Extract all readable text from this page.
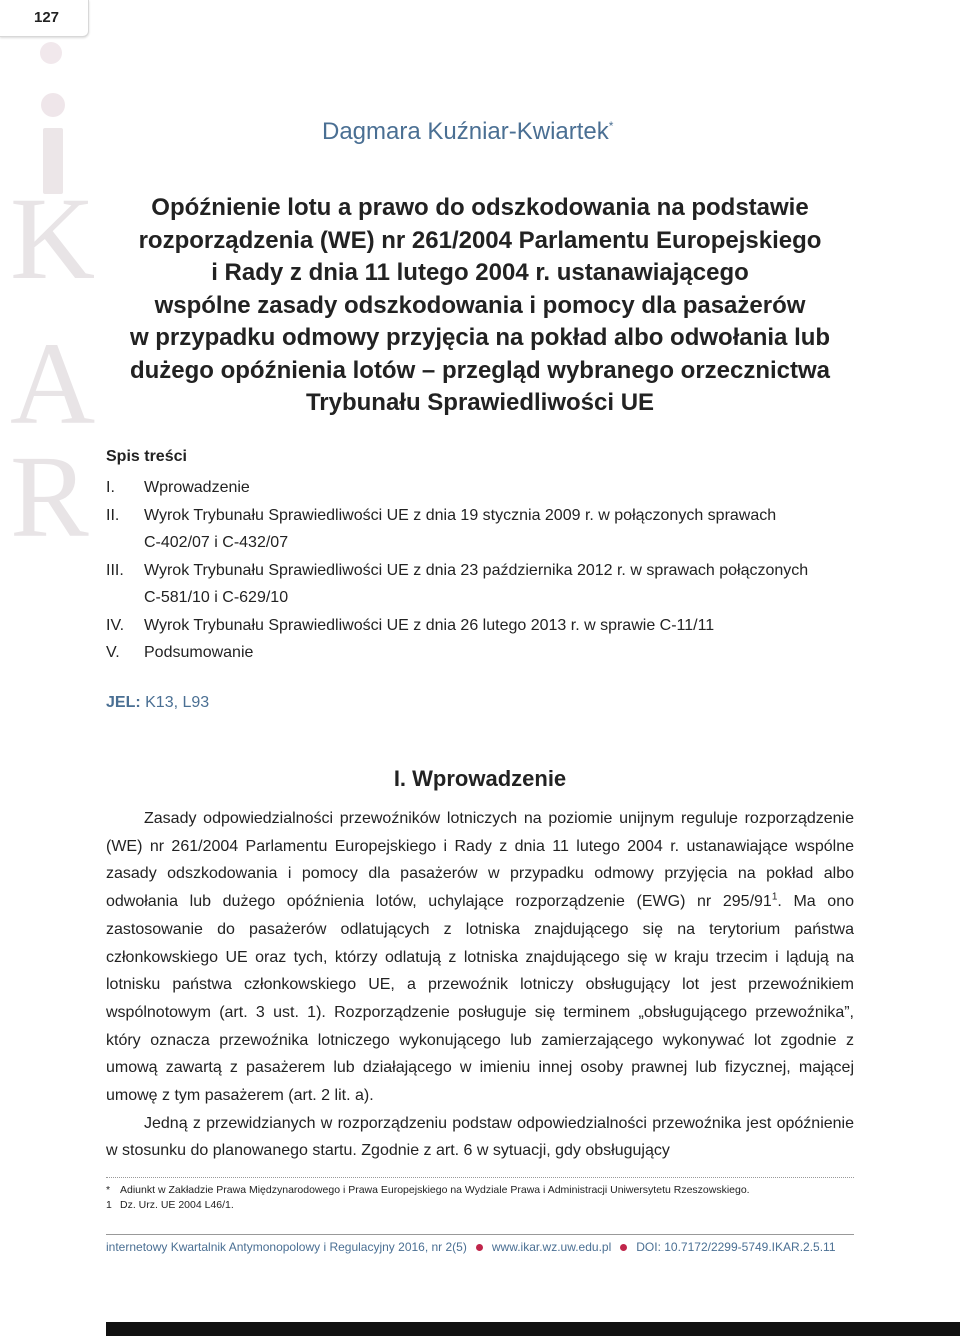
127
K
A
R
Dagmara Kuźniar-Kwiartek*
Opóźnienie lotu a prawo do odszkodowania na podstawie
rozporządzenia (WE) nr 261/2004 Parlamentu Europejskiego
i Rady z dnia 11 lutego 2004 r. ustanawiającego
wspólne zasady odszkodowania i pomocy dla pasażerów
w przypadku odmowy przyjęcia na pokład albo odwołania lub
dużego opóźnienia lotów – przegląd wybranego orzecznictwa
Trybunału Sprawiedliwości UE
Spis treści
I.	Wprowadzenie
II.	Wyrok Trybunału Sprawiedliwości UE z dnia 19 stycznia 2009 r. w połączonych sprawach
C-402/07 i C-432/07
III.	Wyrok Trybunału Sprawiedliwości UE z dnia 23 października 2012 r. w sprawach połączonych
C-581/10 i C-629/10
IV.	Wyrok Trybunału Sprawiedliwości UE z dnia 26 lutego 2013 r. w sprawie C-11/11
V.	Podsumowanie
JEL: K13, L93
I. Wprowadzenie

Zasady odpowiedzialności przewoźników lotniczych na poziomie unijnym reguluje rozporządzenie (WE) nr 261/2004 Parlamentu Europejskiego i Rady z dnia 11 lutego 2004 r. ustanawiające wspólne zasady odszkodowania i pomocy dla pasażerów w przypadku odmowy przyjęcia na pokład albo odwołania lub dużego opóźnienia lotów, uchylające rozporządzenie (EWG) nr $295/91^1$. Ma ono zastosowanie do pasażerów odlatujących z lotniska znajdującego się na terytorium państwa członkowskiego UE oraz tych, którzy odlatują z lotniska znajdującego się w kraju trzecim i lądują na lotnisku państwa członkowskiego UE, a przewoźnik lotniczy obsługujący lot jest przewoźnikiem wspólnotowym (art. 3 ust. 1). Rozporządzenie posługuje się terminem „obsługującego przewoźnika”, który oznacza przewoźnika lotniczego wykonującego lub zamierzającego wykonywać lot zgodnie z umową zawartą z pasażerem lub działającego w imieniu innej osoby prawnej lub fizycznej, mającej umowę z tym pasażerem (art. 2 lit. a).

Jedną z przewidzianych w rozporządzeniu podstaw odpowiedzialności przewoźnika jest opóźnienie w stosunku do planowanego startu. Zgodnie z art. 6 w sytuacji, gdy obsługujący

* Adiunkt w Zakładzie Prawa Międzynarodowego i Prawa Europejskiego na Wydziale Prawa i Administracji Uniwersytetu Rzeszowskiego.
1 Dz. Urz. UE 2004 L46/1.
internetowy Kwartalnik Antymonopolowy i Regulacyjny 2016, nr 2(5) www.ikar.wz.uw.edu.pl DOI: 10.7172/2299-5749.IKAR.2.5.11
